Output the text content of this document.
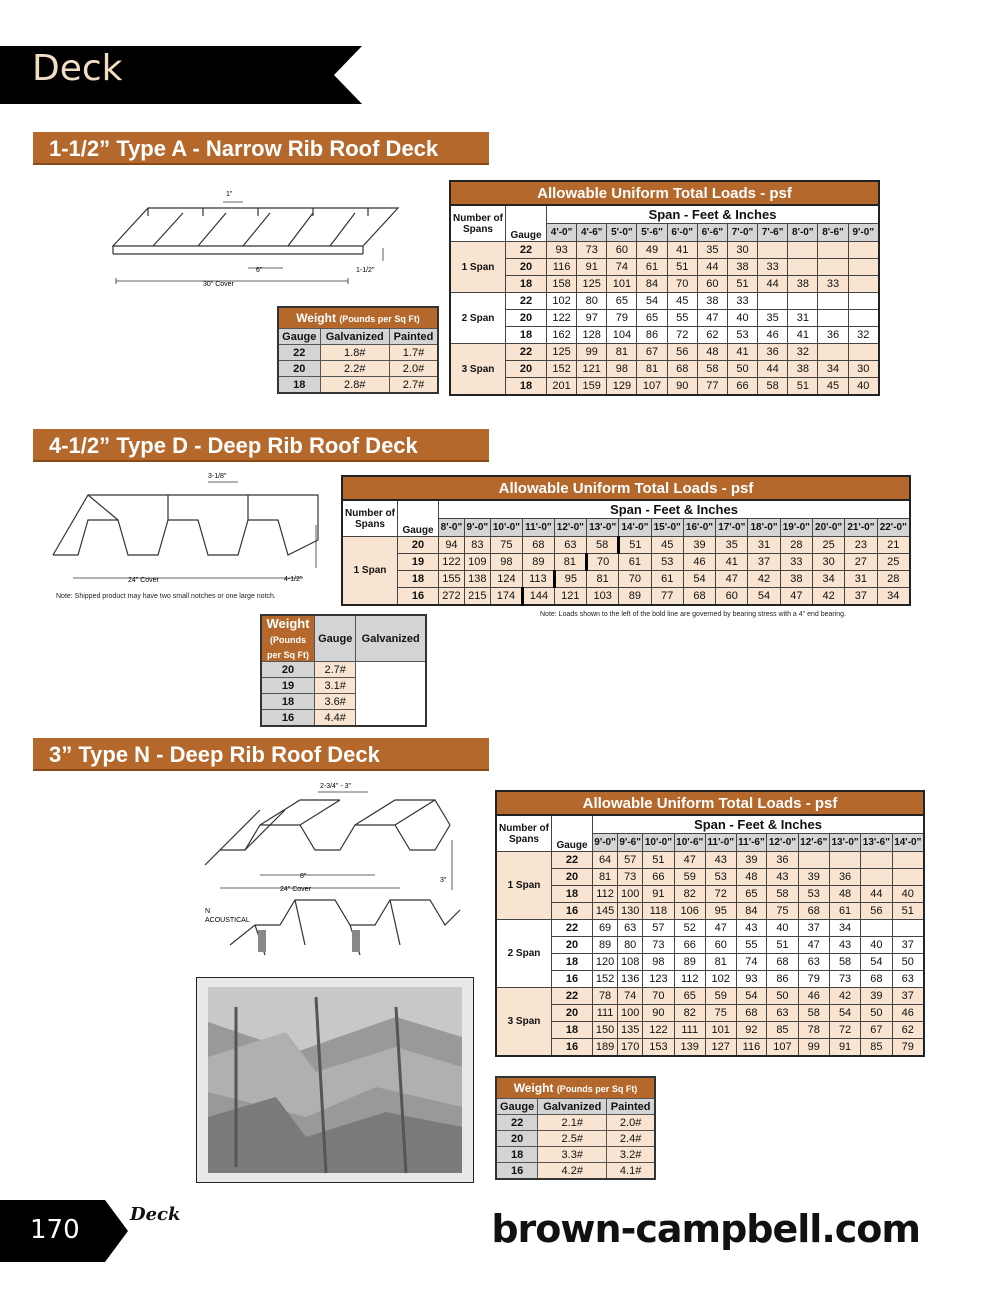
Deck
1-1/2” Type A - Narrow Rib Roof Deck
1"
6"	1-1/2"
30" Cover
Weight (Pounds per Sq Ft)		
Gauge	Galvanized	Painted
22	1.8#	1.7#
20	2.2#	2.0#
18	2.8#	2.7#
Allowable Uniform Total Loads - psf												
Number of Spans	Gauge	Span - Feet & Inches										
		4'-0"	4'-6"	5'-0"	5'-6"	6'-0"	6'-6"	7'-0"	7'-6"	8'-0"	8'-6"	9'-0"
1 Span	22	93	73	60	49	41	35	30				
	20	116	91	74	61	51	44	38	33			
	18	158	125	101	84	70	60	51	44	38	33	
2 Span	22	102	80	65	54	45	38	33				
	20	122	97	79	65	55	47	40	35	31		
	18	162	128	104	86	72	62	53	46	41	36	32
3 Span	22	125	99	81	67	56	48	41	36	32		
	20	152	121	98	81	68	58	50	44	38	34	30
	18	201	159	129	107	90	77	66	58	51	45	40
4-1/2” Type D - Deep Rib Roof Deck
3-1/8"
24" Cover	4-1/2"
Note: Shipped product may have two small notches or one large notch.
Weight
(Pounds per Sq Ft)	Gauge	Galvanized
20	2.7#	
19	3.1#	
18	3.6#	
16	4.4#	
Allowable Uniform Total Loads - psf																
Number of Spans	Gauge	Span - Feet & Inches														
		8'-0"	9'-0"	10'-0"	11'-0"	12'-0"	13'-0"	14'-0"	15'-0"	16'-0"	17'-0"	18'-0"	19'-0"	20'-0"	21'-0"	22'-0"
1 Span	20	94	83	75	68	63	58	51	45	39	35	31	28	25	23	21
	19	122	109	98	89	81	70	61	53	46	41	37	33	30	27	25
	18	155	138	124	113	95	81	70	61	54	47	42	38	34	31	28
	16	272	215	174	144	121	103	89	77	68	60	54	47	42	37	34
Note: Loads shown to the left of the bold line are governed by bearing stress with a 4" end bearing.
3” Type N - Deep Rib Roof Deck
2-3/4" - 3"
8"
24" Cover
3"
N
ACOUSTICAL
Weight (Pounds per Sq Ft)		
Gauge	Galvanized	Painted
22	2.1#	2.0#
20	2.5#	2.4#
18	3.3#	3.2#
16	4.2#	4.1#
Allowable Uniform Total Loads - psf												
Number of Spans	Gauge	Span - Feet & Inches										
		9'-0"	9'-6"	10'-0"	10'-6"	11'-0"	11'-6"	12'-0"	12'-6"	13'-0"	13'-6"	14'-0"
1 Span	22	64	57	51	47	43	39	36				
	20	81	73	66	59	53	48	43	39	36		
	18	112	100	91	82	72	65	58	53	48	44	40
	16	145	130	118	106	95	84	75	68	61	56	51
2 Span	22	69	63	57	52	47	43	40	37	34		
	20	89	80	73	66	60	55	51	47	43	40	37
	18	120	108	98	89	81	74	68	63	58	54	50
	16	152	136	123	112	102	93	86	79	73	68	63
3 Span	22	78	74	70	65	59	54	50	46	42	39	37
	20	111	100	90	82	75	68	63	58	54	50	46
	18	150	135	122	111	101	92	85	78	72	67	62
	16	189	170	153	139	127	116	107	99	91	85	79
170
Deck	brown-campbell.com
